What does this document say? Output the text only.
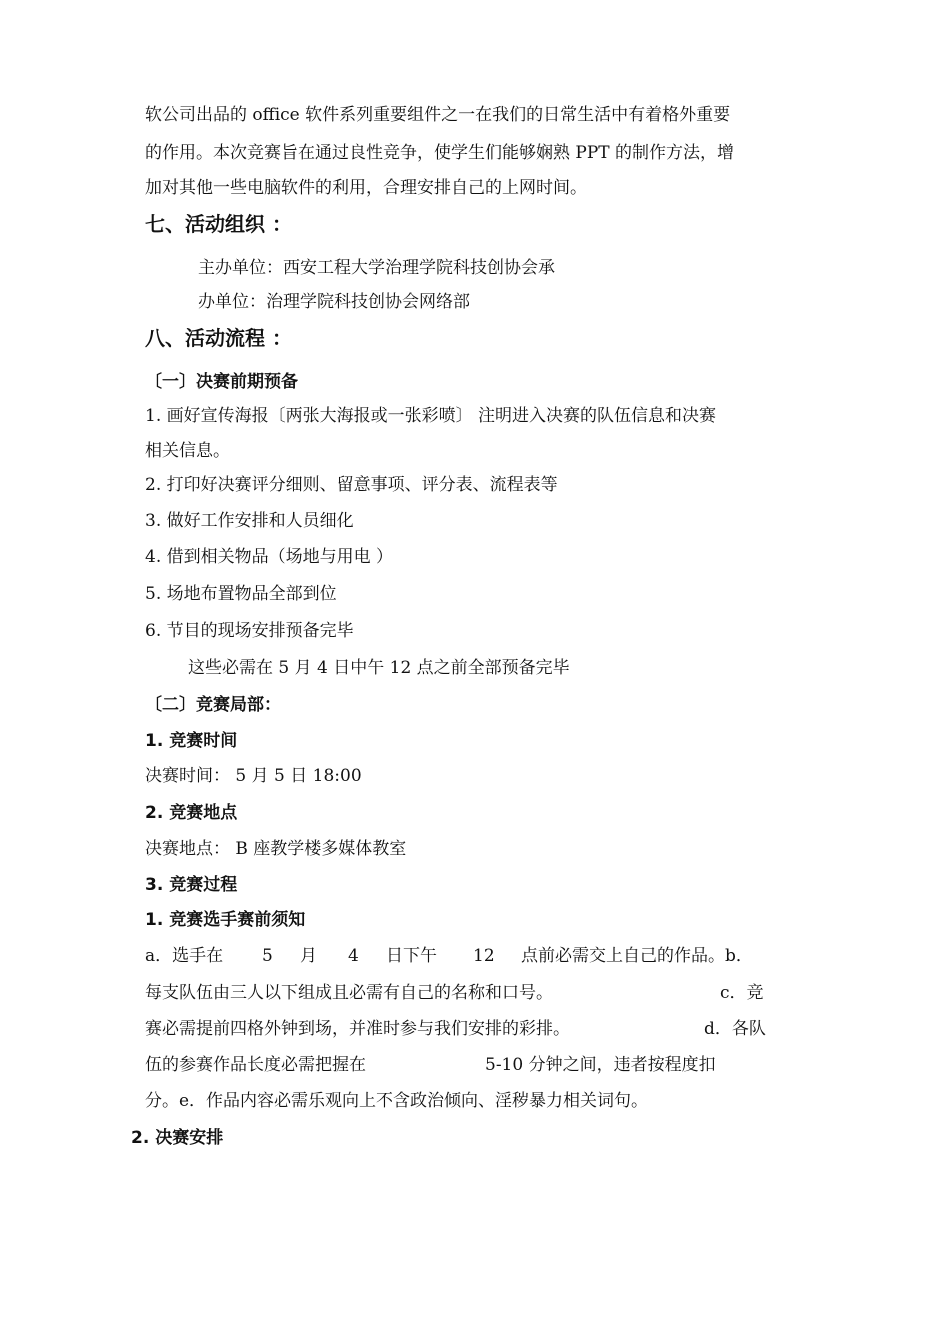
软公司出品的 office 软件系列重要组件之一在我们的日常生活中有着格外重要
的作用。本次竞赛旨在通过良性竞争，使学生们能够娴熟 PPT 的制作方法，增
加对其他一些电脑软件的利用，合理安排自己的上网时间。
七、活动组织 ：
主办单位：西安工程大学治理学院科技创协会承
办单位：治理学院科技创协会网络部
八、活动流程 ：
〔一〕决赛前期预备
1. 画好宣传海报〔两张大海报或一张彩喷〕 注明进入决赛的队伍信息和决赛
相关信息。
2. 打印好决赛评分细则、留意事项、评分表、流程表等
3. 做好工作安排和人员细化
4. 借到相关物品（场地与用电 ）
5. 场地布置物品全部到位
6. 节目的现场安排预备完毕
这些必需在 5 月 4 日中午 12 点之前全部预备完毕
〔二〕竞赛局部：
1. 竞赛时间
决赛时间： 5 月 5 日 18:00
2. 竞赛地点
决赛地点： B 座教学楼多媒体教室
3. 竞赛过程
1. 竞赛选手赛前须知
a．选手在 5 月 4 日下午 12 点前必需交上自己的作品。b．
每支队伍由三人以下组成且必需有自己的名称和口号。	c．竞
赛必需提前四格外钟到场，并准时参与我们安排的彩排。	d．各队
伍的参赛作品长度必需把握在	5-10 分钟之间，违者按程度扣
分。e．作品内容必需乐观向上不含政治倾向、淫秽暴力相关词句。
2. 决赛安排
